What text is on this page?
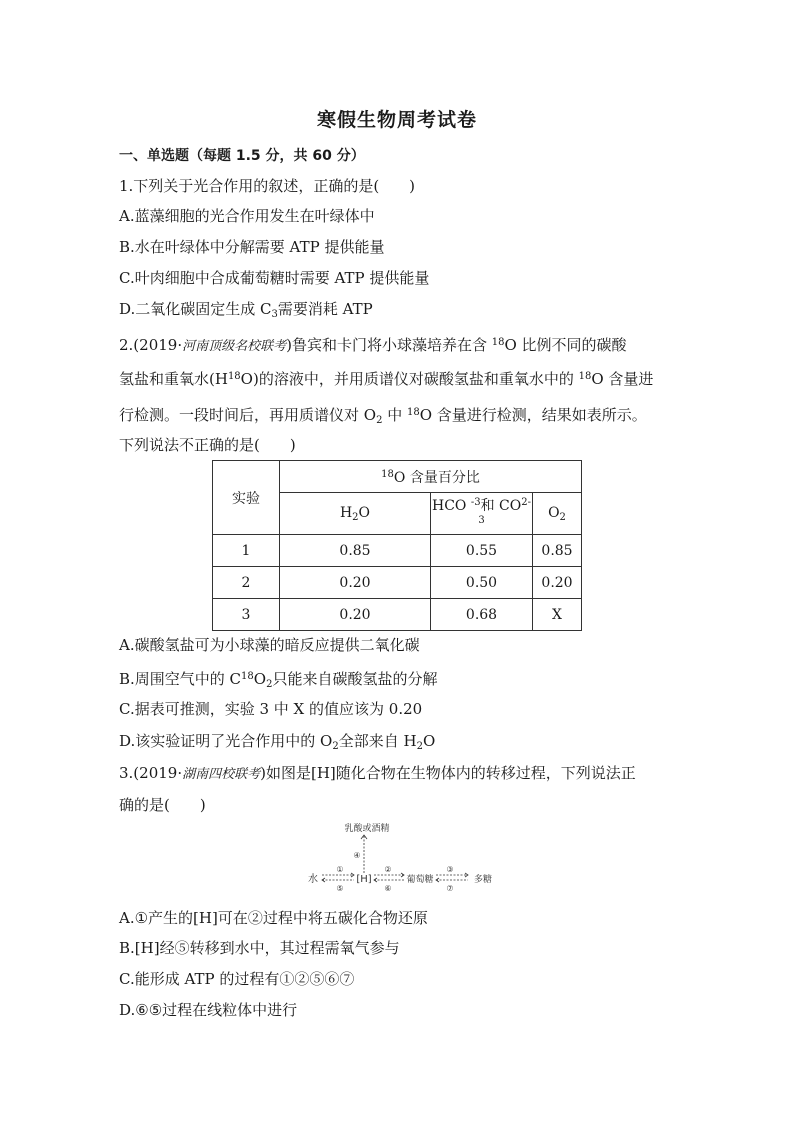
寒假生物周考试卷
一、单选题（每题 1.5 分，共 60 分）
1.下列关于光合作用的叙述，正确的是(　　)
A.蓝藻细胞的光合作用发生在叶绿体中
B.水在叶绿体中分解需要 ATP 提供能量
C.叶肉细胞中合成葡萄糖时需要 ATP 提供能量
D.二氧化碳固定生成 $C_3$需要消耗 ATP
2.(2019·河南顶级名校联考)鲁宾和卡门将小球藻培养在含 $^{18}$O 比例不同的碳酸
氢盐和重氧水$(H^{18}O)$的溶液中，并用质谱仪对碳酸氢盐和重氧水中的 $^{18}$O 含量进
行检测。一段时间后，再用质谱仪对 $O_2$ 中 $^{18}$O 含量进行检测，结果如表所示。
下列说法不正确的是(　　)
实验	$^{18}$O 含量百分比		
	$H_2O$	HCO $^{-3}$和 CO$^{2-3}$	$O_2$
1	0.85	0.55	0.85
2	0.20	0.50	0.20
3	0.20	0.68	X
A.碳酸氢盐可为小球藻的暗反应提供二氧化碳
B.周围空气中的 $C^{18}O_2$只能来自碳酸氢盐的分解
C.据表可推测，实验 3 中 X 的值应该为 0.20
D.该实验证明了光合作用中的 $O_2$全部来自 $H_2O$
3.(2019·湖南四校联考)如图是[H]随化合物在生物体内的转移过程，下列说法正
确的是(　　)
乳酸或酒精
水	[H]	葡萄糖	多糖
④
①
⑤
②
⑥
③
⑦
A.①产生的[H]可在②过程中将五碳化合物还原
B.[H]经⑤转移到水中，其过程需氧气参与
C.能形成 ATP 的过程有①②⑤⑥⑦
D.⑥⑤过程在线粒体中进行
